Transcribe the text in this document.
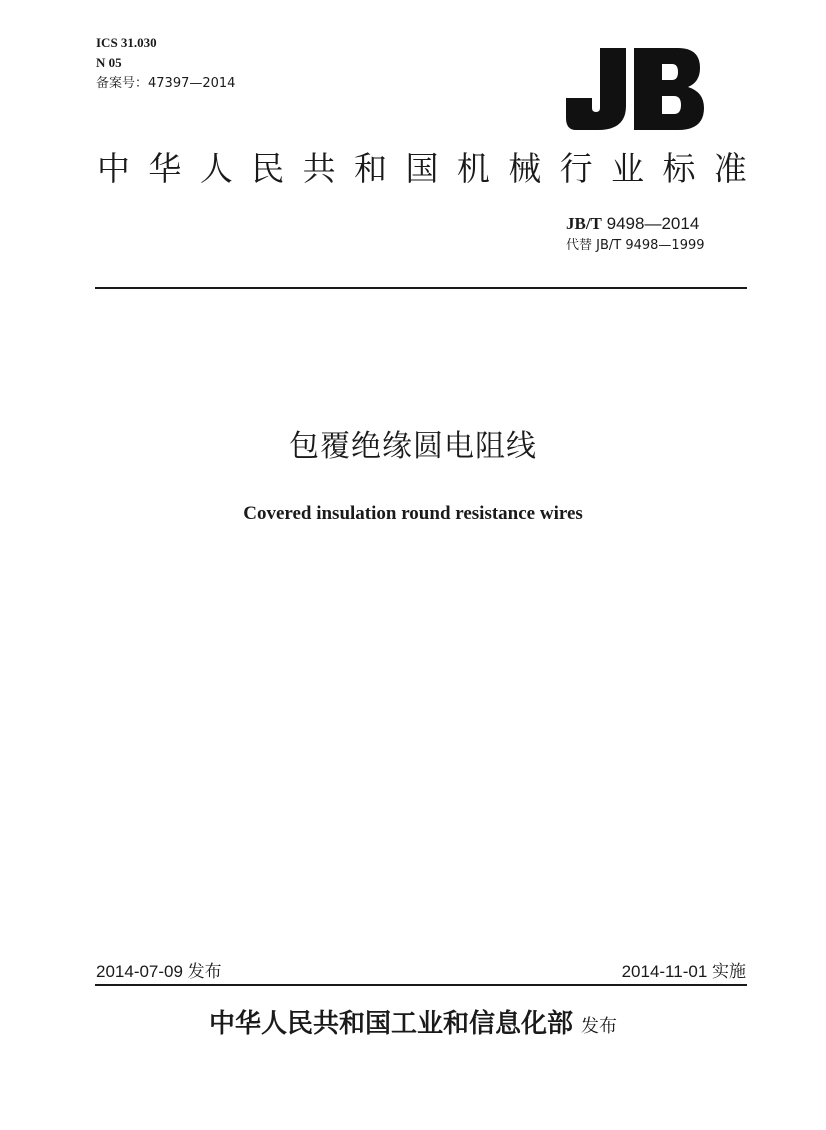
ICS 31.030
N 05
备案号：47397—2014
JB
中 华 人 民 共 和 国 机 械 行 业 标 准
JB/T 9498—2014
代替 JB/T 9498—1999
包覆绝缘圆电阻线
Covered insulation round resistance wires
2014-07-09 发布	2014-11-01 实施
中华人民共和国工业和信息化部 发布
